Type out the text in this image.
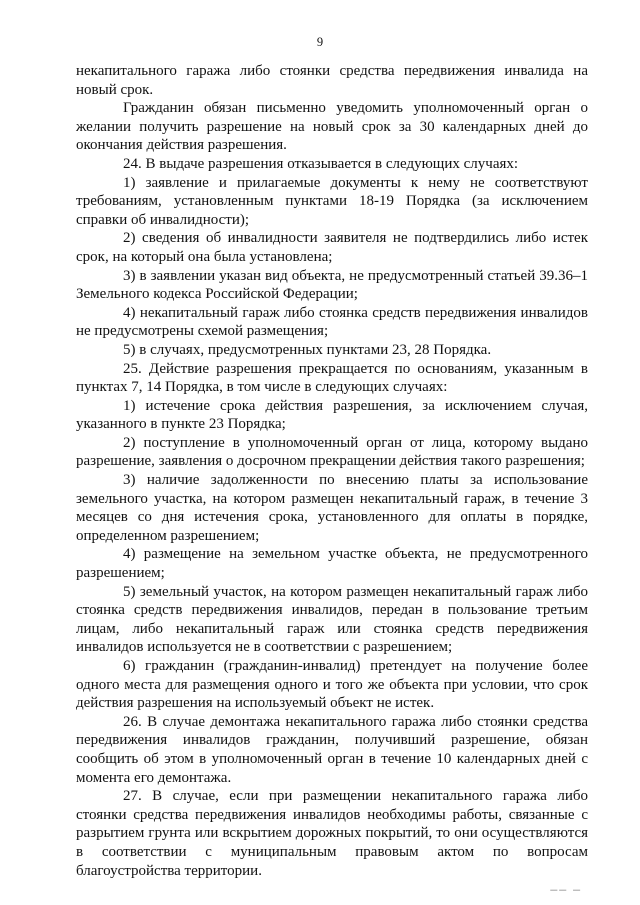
9

некапитального гаража либо стоянки средства передвижения инвалида на новый срок.

Гражданин обязан письменно уведомить уполномоченный орган о желании получить разрешение на новый срок за 30 календарных дней до окончания действия разрешения.

24. В выдаче разрешения отказывается в следующих случаях:

1) заявление и прилагаемые документы к нему не соответствуют требованиям, установленным пунктами 18-19 Порядка (за исключением справки об инвалидности);

2) сведения об инвалидности заявителя не подтвердились либо истек срок, на который она была установлена;

3) в заявлении указан вид объекта, не предусмотренный статьей 39.36–1 Земельного кодекса Российской Федерации;

4) некапитальный гараж либо стоянка средств передвижения инвалидов не предусмотрены схемой размещения;

5) в случаях, предусмотренных пунктами 23, 28 Порядка.

25. Действие разрешения прекращается по основаниям, указанным в пунктах 7, 14 Порядка, в том числе в следующих случаях:

1) истечение срока действия разрешения, за исключением случая, указанного в пункте 23 Порядка;

2) поступление в уполномоченный орган от лица, которому выдано разрешение, заявления о досрочном прекращении действия такого разрешения;

3) наличие задолженности по внесению платы за использование земельного участка, на котором размещен некапитальный гараж, в течение 3 месяцев со дня истечения срока, установленного для оплаты в порядке, определенном разрешением;

4) размещение на земельном участке объекта, не предусмотренного разрешением;

5) земельный участок, на котором размещен некапитальный гараж либо стоянка средств передвижения инвалидов, передан в пользование третьим лицам, либо некапитальный гараж или стоянка средств передвижения инвалидов используется не в соответствии с разрешением;

6) гражданин (гражданин-инвалид) претендует на получение более одного места для размещения одного и того же объекта при условии, что срок действия разрешения на используемый объект не истек.

26. В случае демонтажа некапитального гаража либо стоянки средства передвижения инвалидов гражданин, получивший разрешение, обязан сообщить об этом в уполномоченный орган в течение 10 календарных дней с момента его демонтажа.

27. В случае, если при размещении некапитального гаража либо стоянки средства передвижения инвалидов необходимы работы, связанные с разрытием грунта или вскрытием дорожных покрытий, то они осуществляются в соответствии с муниципальным правовым актом по вопросам благоустройства территории.

▔▔ ▔
